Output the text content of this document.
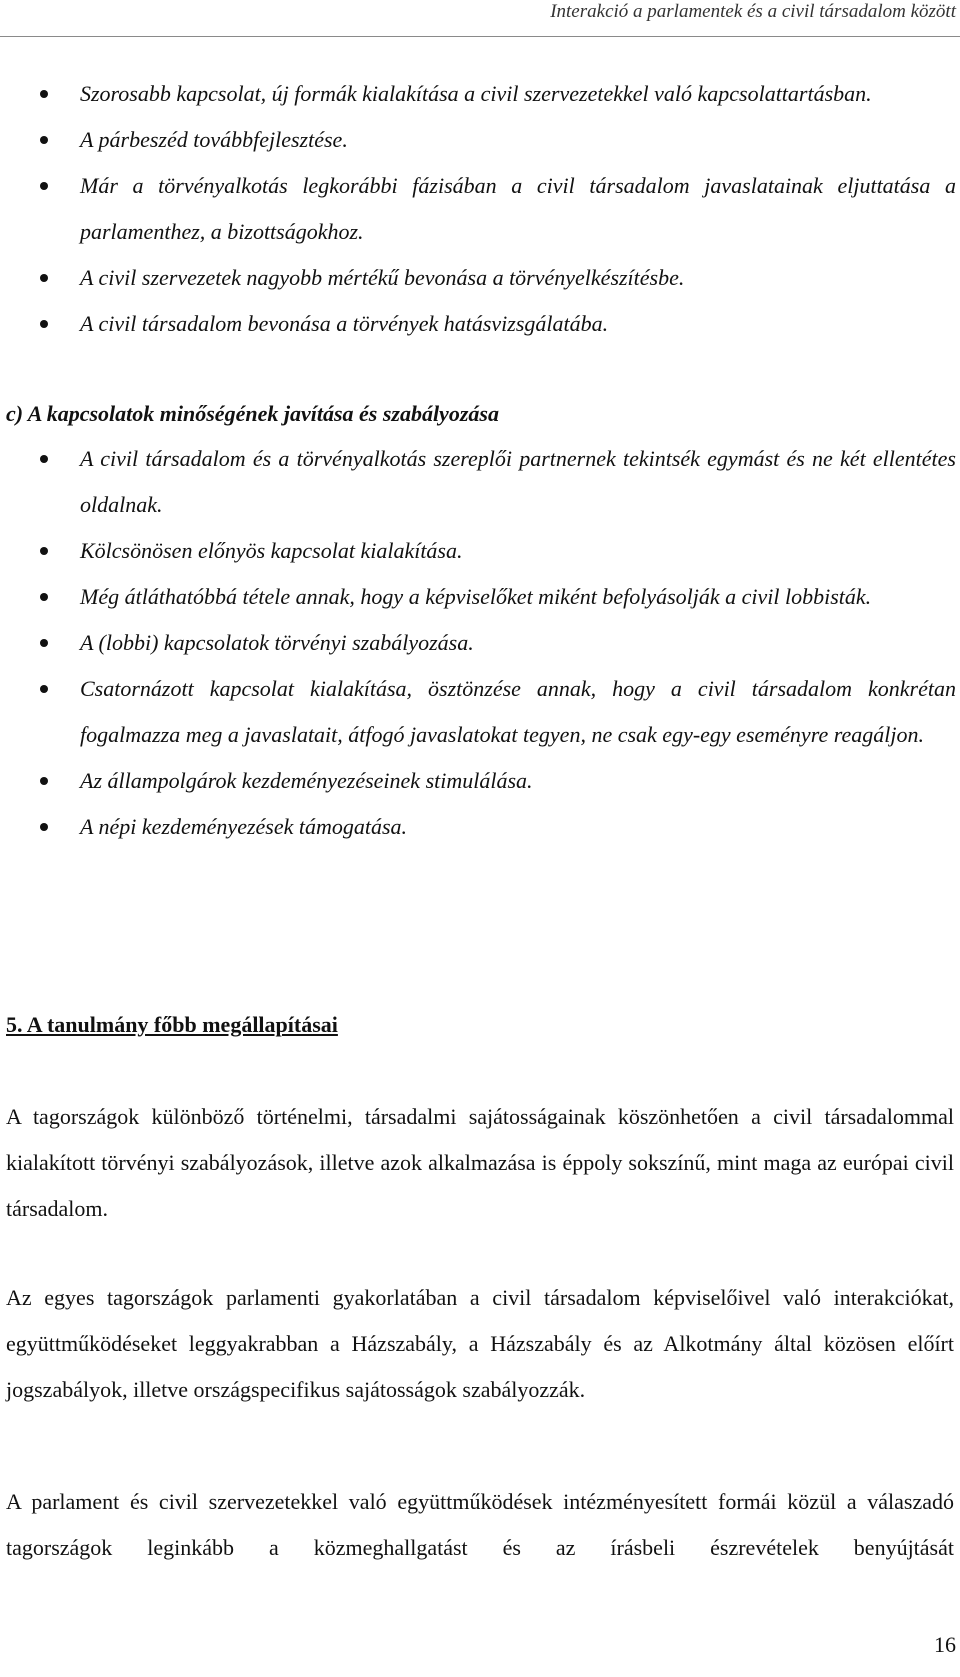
Interakció a parlamentek és a civil társadalom között
Szorosabb kapcsolat, új formák kialakítása a civil szervezetekkel való kapcsolattartásban.
A párbeszéd továbbfejlesztése.
Már a törvényalkotás legkorábbi fázisában a civil társadalom javaslatainak eljuttatása a parlamenthez, a bizottságokhoz.
A civil szervezetek nagyobb mértékű bevonása a törvényelkészítésbe.
A civil társadalom bevonása a törvények hatásvizsgálatába.
c) A kapcsolatok minőségének javítása és szabályozása
A civil társadalom és a törvényalkotás szereplői partnernek tekintsék egymást és ne két ellentétes oldalnak.
Kölcsönösen előnyös kapcsolat kialakítása.
Még átláthatóbbá tétele annak, hogy a képviselőket miként befolyásolják a civil lobbisták.
A (lobbi) kapcsolatok törvényi szabályozása.
Csatornázott kapcsolat kialakítása, ösztönzése annak, hogy a civil társadalom konkrétan fogalmazza meg a javaslatait, átfogó javaslatokat tegyen, ne csak egy-egy eseményre reagáljon.
Az állampolgárok kezdeményezéseinek stimulálása.
A népi kezdeményezések támogatása.
5. A tanulmány főbb megállapításai

A tagországok különböző történelmi, társadalmi sajátosságainak köszönhetően a civil társadalommal kialakított törvényi szabályozások, illetve azok alkalmazása is éppoly sokszínű, mint maga az európai civil társadalom.

Az egyes tagországok parlamenti gyakorlatában a civil társadalom képviselőivel való interakciókat, együttműködéseket leggyakrabban a Házszabály, a Házszabály és az Alkotmány által közösen előírt jogszabályok, illetve országspecifikus sajátosságok szabályozzák.

A parlament és civil szervezetekkel való együttműködések intézményesített formái közül a válaszadó tagországok leginkább a közmeghallgatást és az írásbeli észrevételek benyújtását

16
